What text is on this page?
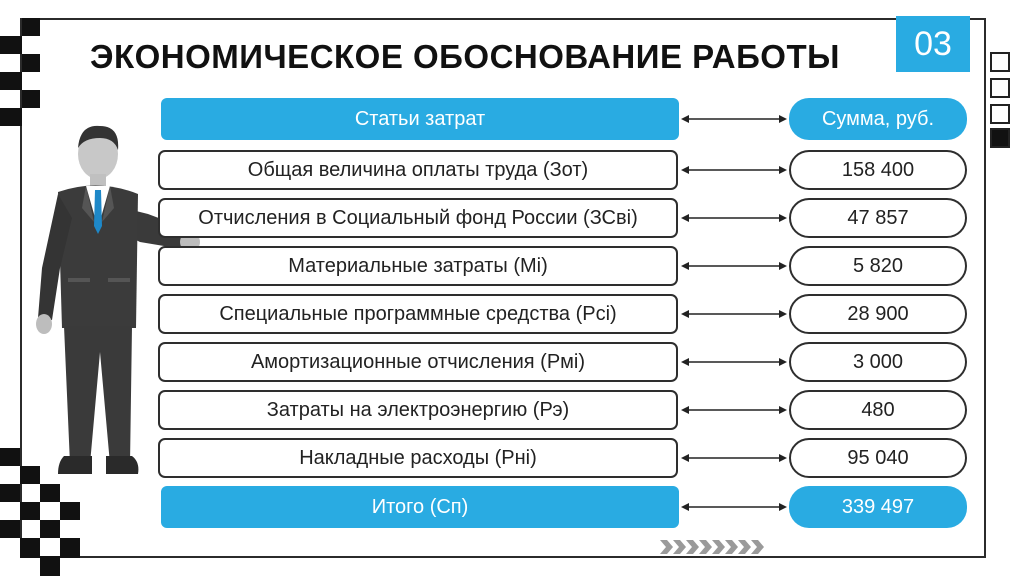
ЭКОНОМИЧЕСКОЕ ОБОСНОВАНИЕ РАБОТЫ	03
Статьи затрат	Сумма, руб.
Общая величина оплаты труда (Зот)	158 400
Отчисления в Социальный фонд России (ЗСві)	47 857
Материальные затраты (Мі)	5 820
Специальные программные средства (Рсі)	28 900
Амортизационные отчисления (Рмі)	3 000
Затраты на электроэнергию (Рэ)	480
Накладные расходы (Рні)	95 040
Итого (Сп)	339 497
